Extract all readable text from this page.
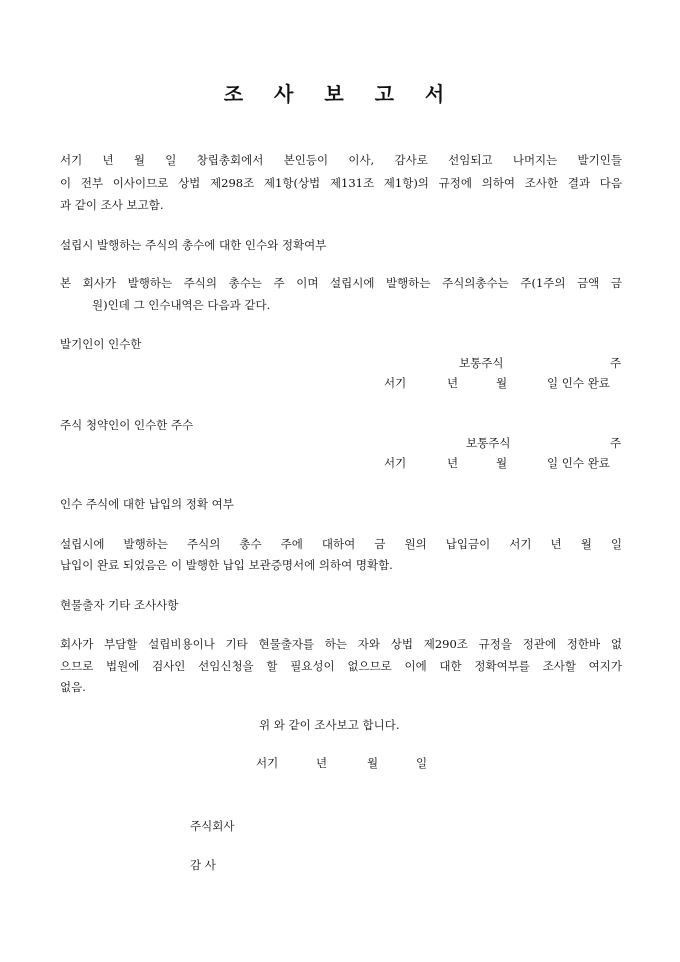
조 사 보 고 서
서기 년 월 일 창립총회에서 본인등이 이사, 감사로 선임되고 나머지는 발기인들
이 전부 이사이므로 상법 제298조 제1항(상법 제131조 제1항)의 규정에 의하여 조사한 결과 다음
과 같이 조사 보고함.
설립시 발행하는 주식의 총수에 대한 인수와 정확여부
본 회사가 발행하는 주식의 총수는 주 이며 설립시에 발행하는 주식의총수는 주(1주의 금액 금
원)인데 그 인수내역은 다음과 같다.
발기인이 인수한
보통주식	주
서기	년	월	일 인수 완료
주식 청약인이 인수한 주수
보통주식	주
서기	년	월	일 인수 완료
인수 주식에 대한 납입의 정확 여부
설립시에 발행하는 주식의 총수 주에 대하여 금 원의 납입금이 서기 년 월 일
납입이 완료 되었음은 이 발행한 납입 보관증명서에 의하여 명확함.
현물출자 기타 조사사항
회사가 부담할 설립비용이나 기타 현물출자를 하는 자와 상법 제290조 규정을 정관에 정한바 없
으므로 법원에 검사인 선임신청을 할 필요성이 없으므로 이에 대한 정확여부를 조사할 여지가
없음.
위 와 같이 조사보고 합니다.
서기	년	월	일
주식회사
감 사
